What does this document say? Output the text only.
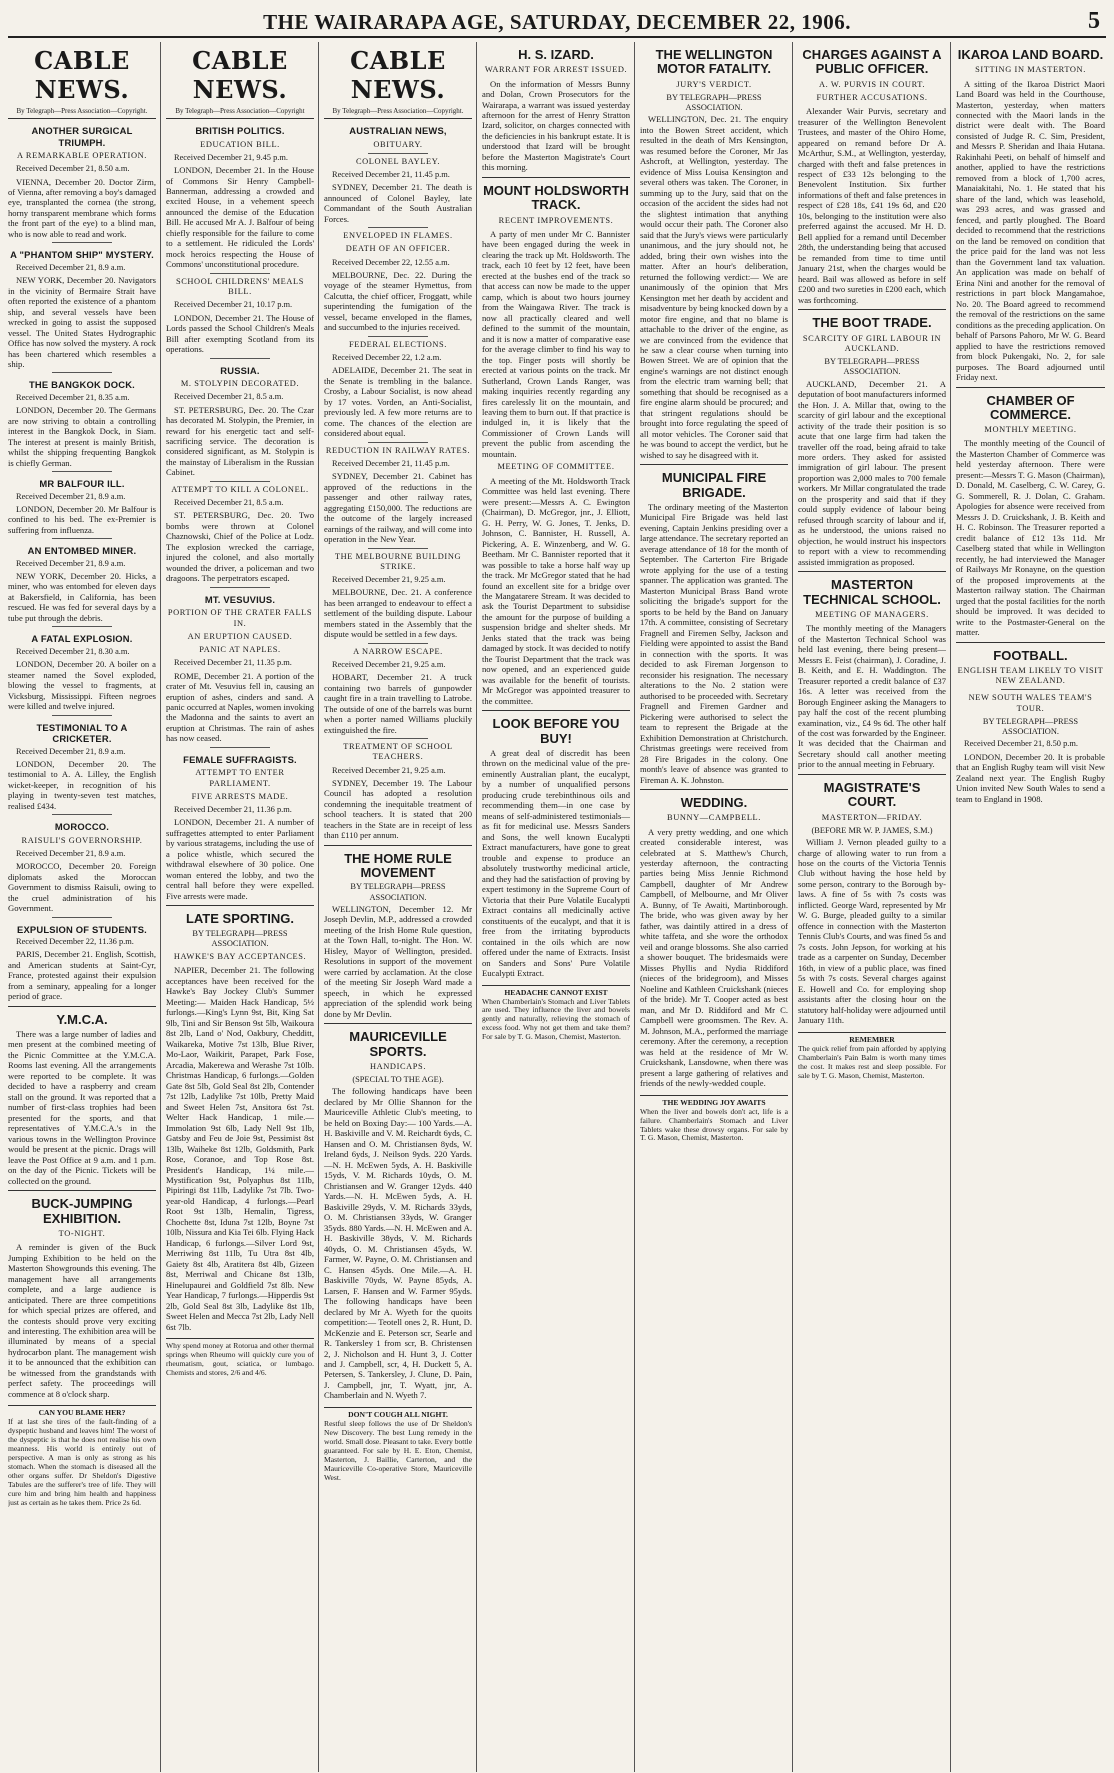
THE WAIRARAPA AGE, SATURDAY, DECEMBER 22, 1906.	5
CABLE NEWS.
By Telegraph—Press Association—Copyright.
ANOTHER SURGICAL TRIUMPH.
A REMARKABLE OPERATION.
Received December 21, 8.50 a.m.
VIENNA, December 20. Doctor Zirm, of Vienna, after removing a boy's damaged eye, transplanted the cornea (the strong, horny transparent membrane which forms the front part of the eye) to a blind man, who is now able to read and work.
A "PHANTOM SHIP" MYSTERY.
Received December 21, 8.9 a.m.
NEW YORK, December 20. Navigators in the vicinity of Bermaire Strait have often reported the existence of a phantom ship, and several vessels have been wrecked in going to assist the supposed vessel. The United States Hydrographic Office has now solved the mystery. A rock has been chartered which resembles a ship.
THE BANGKOK DOCK.
Received December 21, 8.35 a.m.
LONDON, December 20. The Germans are now striving to obtain a controlling interest in the Bangkok Dock, in Siam. The interest at present is mainly British, whilst the shipping frequenting Bangkok is chiefly German.
MR BALFOUR ILL.
Received December 21, 8.9 a.m.
LONDON, December 20. Mr Balfour is confined to his bed. The ex-Premier is suffering from influenza.
AN ENTOMBED MINER.
Received December 21, 8.9 a.m.
NEW YORK, December 20. Hicks, a miner, who was entombed for eleven days at Bakersfield, in California, has been rescued. He was fed for several days by a tube put through the debris.
A FATAL EXPLOSION.
Received December 21, 8.30 a.m.
LONDON, December 20. A boiler on a steamer named the Sovel exploded, blowing the vessel to fragments, at Vicksburg, Mississippi. Fifteen negroes were killed and twelve injured.
TESTIMONIAL TO A CRICKETER.
Received December 21, 8.9 a.m.
LONDON, December 20. The testimonial to A. A. Lilley, the English wicket-keeper, in recognition of his playing in twenty-seven test matches, realised £434.
MOROCCO.
RAISULI'S GOVERNORSHIP.
Received December 21, 8.9 a.m.
MOROCCO, December 20. Foreign diplomats asked the Moroccan Government to dismiss Raisuli, owing to the cruel administration of his Government.
EXPULSION OF STUDENTS.
Received December 22, 11.36 p.m.
PARIS, December 21. English, Scottish, and American students at Saint-Cyr, France, protested against their expulsion from a seminary, appealing for a longer period of grace.
Y.M.C.A.
There was a large number of ladies and men present at the combined meeting of the Picnic Committee at the Y.M.C.A. Rooms last evening. All the arrangements were reported to be complete. It was decided to have a raspberry and cream stall on the ground. It was reported that a number of first-class trophies had been presented for the sports, and that representatives of Y.M.C.A.'s in the various towns in the Wellington Province would be present at the picnic. Drags will leave the Post Office at 9 a.m. and 1 p.m. on the day of the Picnic. Tickets will be collected on the ground.
BUCK-JUMPING EXHIBITION.
TO-NIGHT.
A reminder is given of the Buck Jumping Exhibition to be held on the Masterton Showgrounds this evening. The management have all arrangements complete, and a large audience is anticipated. There are three competitions for which special prizes are offered, and the contests should prove very exciting and interesting. The exhibition area will be illuminated by means of a special hydrocarbon plant. The management wish it to be announced that the exhibition can be witnessed from the grandstands with perfect safety. The proceedings will commence at 8 o'clock sharp.
CAN YOU BLAME HER?
If at last she tires of the fault-finding of a dyspeptic husband and leaves him! The worst of the dyspeptic is that he does not realise his own meanness. His world is entirely out of perspective. A man is only as strong as his stomach. When the stomach is diseased all the other organs suffer. Dr Sheldon's Digestive Tabules are the sufferer's tree of life. They will cure him and bring him health and happiness just as certain as he takes them. Price 2s 6d.
CABLE NEWS.
By Telegraph—Press Association—Copyright
BRITISH POLITICS.
EDUCATION BILL.
Received December 21, 9.45 p.m.
LONDON, December 21. In the House of Commons Sir Henry Campbell-Bannerman, addressing a crowded and excited House, in a vehement speech announced the demise of the Education Bill. He accused Mr A. J. Balfour of being chiefly responsible for the failure to come to a settlement. He ridiculed the Lords' mock heroics respecting the House of Commons' unconstitutional procedure.
SCHOOL CHILDRENS' MEALS BILL.
Received December 21, 10.17 p.m.
LONDON, December 21. The House of Lords passed the School Children's Meals Bill after exempting Scotland from its operations.
RUSSIA.
M. STOLYPIN DECORATED.
Received December 21, 8.5 a.m.
ST. PETERSBURG, Dec. 20. The Czar has decorated M. Stolypin, the Premier, in reward for his energetic tact and self-sacrificing service. The decoration is considered significant, as M. Stolypin is the mainstay of Liberalism in the Russian Cabinet.
ATTEMPT TO KILL A COLONEL.
Received December 21, 8.5 a.m.
ST. PETERSBURG, Dec. 20. Two bombs were thrown at Colonel Chaznowski, Chief of the Police at Lodz. The explosion wrecked the carriage, injured the colonel, and also mortally wounded the driver, a policeman and two dragoons. The perpetrators escaped.
MT. VESUVIUS.
PORTION OF THE CRATER FALLS IN.
AN ERUPTION CAUSED.
PANIC AT NAPLES.
Received December 21, 11.35 p.m.
ROME, December 21. A portion of the crater of Mt. Vesuvius fell in, causing an eruption of ashes, cinders and sand. A panic occurred at Naples, women invoking the Madonna and the saints to avert an eruption at Christmas. The rain of ashes has now ceased.
FEMALE SUFFRAGISTS.
ATTEMPT TO ENTER PARLIAMENT.
FIVE ARRESTS MADE.
Received December 21, 11.36 p.m.
LONDON, December 21. A number of suffragettes attempted to enter Parliament by various stratagems, including the use of a police whistle, which secured the withdrawal elsewhere of 30 police. One woman entered the lobby, and two the central hall before they were expelled. Five arrests were made.
LATE SPORTING.
BY TELEGRAPH—PRESS ASSOCIATION.
HAWKE'S BAY ACCEPTANCES.
NAPIER, December 21. The following acceptances have been received for the Hawke's Bay Jockey Club's Summer Meeting:— Maiden Hack Handicap, 5½ furlongs.—King's Lynn 9st, Bit, King Sat 9lb, Tini and Sir Benson 9st 5lb, Waikoura 8st 2lb, Land o' Nod, Oakbury, Chedditt, Waikareka, Motive 7st 13lb, Blue River, Mo-Laor, Waikirit, Parapet, Park Fose, Arcadia, Makerewa and Werashe 7st 10lb. Christmas Handicap, 6 furlongs.—Golden Gate 8st 5lb, Gold Seal 8st 2lb, Contender 7st 12lb, Ladylike 7st 10lb, Pretty Maid and Sweet Helen 7st, Ansitora 6st 7st. Welter Hack Handicap, 1 mile.— Immolation 9st 6lb, Lady Nell 9st 1lb, Gatsby and Feu de Joie 9st, Pessimist 8st 13lb, Waiheke 8st 12lb, Goldsmith, Park Rose, Coranoe, and Top Rose 8st. President's Handicap, 1¼ mile.— Mystification 9st, Polyaphus 8st 11lb, Pipiringi 8st 11lb, Ladylike 7st 7lb. Two-year-old Handicap, 4 furlongs.—Pearl Root 9st 13lb, Hemalin, Tigress, Chochette 8st, Iduna 7st 12lb, Boyne 7st 10lb, Nissura and Kia Tei 6lb. Flying Hack Handicap, 6 furlongs.—Silver Lord 9st, Merriwing 8st 11lb, Tu Utra 8st 4lb, Gaiety 8st 4lb, Aratitera 8st 4lb, Gizeen 8st, Merriwal and Chicane 8st 13lb, Hinelupaurei and Goldfield 7st 8lb. New Year Handicap, 7 furlongs.—Hipperdis 9st 2lb, Gold Seal 8st 3lb, Ladylike 8st 1lb, Sweet Helen and Mecca 7st 2lb, Lady Nell 6st 7lb.
Why spend money at Rotorua and other thermal springs when Rheumo will quickly cure you of rheumatism, gout, sciatica, or lumbago. Chemists and stores, 2/6 and 4/6.
CABLE NEWS.
By Telegraph—Press Association—Copyright.
AUSTRALIAN NEWS,
OBITUARY.
COLONEL BAYLEY.
Received December 21, 11.45 p.m.
SYDNEY, December 21. The death is announced of Colonel Bayley, late Commandant of the South Australian Forces.
ENVELOPED IN FLAMES.
DEATH OF AN OFFICER.
Received December 22, 12.55 a.m.
MELBOURNE, Dec. 22. During the voyage of the steamer Hymettus, from Calcutta, the chief officer, Froggatt, while superintending the fumigation of the vessel, became enveloped in the flames, and succumbed to the injuries received.
FEDERAL ELECTIONS.
Received December 22, 1.2 a.m.
ADELAIDE, December 21. The seat in the Senate is trembling in the balance. Crosby, a Labour Socialist, is now ahead by 17 votes. Vorden, an Anti-Socialist, previously led. A few more returns are to come. The chances of the election are considered about equal.
REDUCTION IN RAILWAY RATES.
Received December 21, 11.45 p.m.
SYDNEY, December 21. Cabinet has approved of the reductions in the passenger and other railway rates, aggregating £150,000. The reductions are the outcome of the largely increased earnings of the railway, and will come into operation in the New Year.
THE MELBOURNE BUILDING STRIKE.
Received December 21, 9.25 a.m.
MELBOURNE, Dec. 21. A conference has been arranged to endeavour to effect a settlement of the building dispute. Labour members stated in the Assembly that the dispute would be settled in a few days.
A NARROW ESCAPE.
Received December 21, 9.25 a.m.
HOBART, December 21. A truck containing two barrels of gunpowder caught fire in a train travelling to Latrobe. The outside of one of the barrels was burnt when a porter named Williams pluckily extinguished the fire.
TREATMENT OF SCHOOL TEACHERS.
Received December 21, 9.25 a.m.
SYDNEY, December 19. The Labour Council has adopted a resolution condemning the inequitable treatment of school teachers. It is stated that 200 teachers in the State are in receipt of less than £110 per annum.
THE HOME RULE MOVEMENT
BY TELEGRAPH—PRESS ASSOCIATION.
WELLINGTON, December 12. Mr Joseph Devlin, M.P., addressed a crowded meeting of the Irish Home Rule question, at the Town Hall, to-night. The Hon. W. Hisley, Mayor of Wellington, presided. Resolutions in support of the movement were carried by acclamation. At the close of the meeting Sir Joseph Ward made a speech, in which he expressed appreciation of the splendid work being done by Mr Devlin.
MAURICEVILLE SPORTS.
HANDICAPS.
(SPECIAL TO THE AGE).
The following handicaps have been declared by Mr Ollie Shannon for the Mauriceville Athletic Club's meeting, to be held on Boxing Day:— 100 Yards.—A. H. Baskiville and V. M. Reichardt 6yds, C. Hansen and O. M. Christiansen 8yds, W. Ireland 6yds, J. Neilson 9yds. 220 Yards.—N. H. McEwen 5yds, A. H. Baskiville 15yds, V. M. Richards 10yds, O. M. Christiansen and W. Granger 12yds. 440 Yards.—N. H. McEwen 5yds, A. H. Baskiville 29yds, V. M. Richards 33yds, O. M. Christiansen 33yds, W. Granger 35yds. 880 Yards.—N. H. McEwen and A. H. Baskiville 38yds, V. M. Richards 40yds, O. M. Christiansen 45yds, W. Farmer, W. Payne, O. M. Christiansen and C. Hansen 45yds. One Mile.—A. H. Baskiville 70yds, W. Payne 85yds, A. Larsen, F. Hansen and W. Farmer 95yds. The following handicaps have been declared by Mr A. Wyeth for the quoits competition:— Teotell ones 2, R. Hunt, D. McKenzie and E. Peterson scr, Searle and R. Tankersley 1 from scr, B. Christensen 2, J. Nicholson and H. Hunt 3, J. Cotter and J. Campbell, scr, 4, H. Duckett 5, A. Petersen, S. Tankersley, J. Clune, D. Pain, J. Campbell, jnr, T. Wyatt, jnr, A. Chamberlain and N. Wyeth 7.
DON'T COUGH ALL NIGHT.
Restful sleep follows the use of Dr Sheldon's New Discovery. The best Lung remedy in the world. Small dose. Pleasant to take. Every bottle guaranteed. For sale by H. E. Eton, Chemist, Masterton, J. Baillie, Carterton, and the Mauriceville Co-operative Store, Mauriceville West.
H. S. IZARD.
WARRANT FOR ARREST ISSUED.
On the information of Messrs Bunny and Dolan, Crown Prosecutors for the Wairarapa, a warrant was issued yesterday afternoon for the arrest of Henry Stratton Izard, solicitor, on charges connected with the deficiencies in his bankrupt estate. It is understood that Izard will be brought before the Masterton Magistrate's Court this morning.
MOUNT HOLDSWORTH TRACK.
RECENT IMPROVEMENTS.
A party of men under Mr C. Bannister have been engaged during the week in clearing the track up Mt. Holdsworth. The track, each 10 feet by 12 feet, have been erected at the bushes end of the track so that access can now be made to the upper camp, which is about two hours journey from the Waingawa River. The track is now all practically cleared and well defined to the summit of the mountain, and it is now a matter of comparative ease for the average climber to find his way to the top. Finger posts will shortly be erected at various points on the track. Mr Sutherland, Crown Lands Ranger, was making inquiries recently regarding any fires carelessly lit on the mountain, and leaving them to burn out. If that practice is indulged in, it is likely that the Commissioner of Crown Lands will prevent the public from ascending the mountain.
MEETING OF COMMITTEE.
A meeting of the Mt. Holdsworth Track Committee was held last evening. There were present:—Messrs A. C. Ewington (Chairman), D. McGregor, jnr., J. Elliott, G. H. Perry, W. G. Jones, T. Jenks, D. Johnson, C. Bannister, H. Russell, A. Pickering, A. E. Winzenberg, and W. G. Beetham. Mr C. Bannister reported that it was possible to take a horse half way up the track. Mr McGregor stated that he had found an excellent site for a bridge over the Mangatarere Stream. It was decided to ask the Tourist Department to subsidise the amount for the purpose of building a suspension bridge and shelter sheds. Mr Jenks stated that the track was being damaged by stock. It was decided to notify the Tourist Department that the track was now opened, and an experienced guide was available for the benefit of tourists. Mr McGregor was appointed treasurer to the committee.
LOOK BEFORE YOU BUY!
A great deal of discredit has been thrown on the medicinal value of the pre-eminently Australian plant, the eucalypt, by a number of unqualified persons producing crude terebinthinous oils and recommending them—in one case by means of self-administered testimonials—as fit for medicinal use. Messrs Sanders and Sons, the well known Eucalypti Extract manufacturers, have gone to great trouble and expense to produce an absolutely trustworthy medicinal article, and they had the satisfaction of proving by expert testimony in the Supreme Court of Victoria that their Pure Volatile Eucalypti Extract contains all medicinally active constituents of the eucalypt, and that it is free from the irritating byproducts contained in the oils which are now offered under the name of Extracts. Insist on Sanders and Sons' Pure Volatile Eucalypti Extract.
HEADACHE CANNOT EXIST
When Chamberlain's Stomach and Liver Tablets are used. They influence the liver and bowels gently and naturally, relieving the stomach of excess food. Why not get them and take them? For sale by T. G. Mason, Chemist, Masterton.
THE WELLINGTON MOTOR FATALITY.
JURY'S VERDICT.
BY TELEGRAPH—PRESS ASSOCIATION.
WELLINGTON, Dec. 21. The enquiry into the Bowen Street accident, which resulted in the death of Mrs Kensington, was resumed before the Coroner, Mr Jas Ashcroft, at Wellington, yesterday. The evidence of Miss Louisa Kensington and several others was taken. The Coroner, in summing up to the Jury, said that on the occasion of the accident the sides had not the slightest intimation that anything would occur their path. The Coroner also said that the Jury's views were particularly unanimous, and the jury should not, he added, bring their own wishes into the matter. After an hour's deliberation, returned the following verdict:— We are unanimously of the opinion that Mrs Kensington met her death by accident and misadventure by being knocked down by a motor fire engine, and that no blame is attachable to the driver of the engine, as we are convinced from the evidence that he saw a clear course when turning into Bowen Street. We are of opinion that the engine's warnings are not distinct enough from the electric tram warning bell; that something that should be recognised as a fire engine alarm should be procured; and that stringent regulations should be brought into force regulating the speed of all motor vehicles. The Coroner said that he was bound to accept the verdict, but he wished to say he disagreed with it.
MUNICIPAL FIRE BRIGADE.
The ordinary meeting of the Masterton Municipal Fire Brigade was held last evening, Captain Jenkins presiding over a large attendance. The secretary reported an average attendance of 18 for the month of September. The Carterton Fire Brigade wrote applying for the use of a testing spanner. The application was granted. The Masterton Municipal Brass Band wrote soliciting the brigade's support for the sports to be held by the Band on January 17th. A committee, consisting of Secretary Fragnell and Firemen Selby, Jackson and Fielding were appointed to assist the Band in connection with the sports. It was decided to ask Fireman Jorgenson to reconsider his resignation. The necessary alterations to the No. 2 station were authorised to be proceeded with. Secretary Fragnell and Firemen Gardner and Pickering were authorised to select the team to represent the Brigade at the Exhibition Demonstration at Christchurch. Christmas greetings were received from 28 Fire Brigades in the colony. One month's leave of absence was granted to Fireman A. K. Johnston.
WEDDING.
BUNNY—CAMPBELL.
A very pretty wedding, and one which created considerable interest, was celebrated at S. Matthew's Church, yesterday afternoon, the contracting parties being Miss Jennie Richmond Campbell, daughter of Mr Andrew Campbell, of Melbourne, and Mr Oliver A. Bunny, of Te Awaiti, Martinborough. The bride, who was given away by her father, was daintily attired in a dress of white taffeta, and she wore the orthodox veil and orange blossoms. She also carried a shower bouquet. The bridesmaids were Misses Phyllis and Nydia Riddiford (nieces of the bridegroom), and Misses Noeline and Kathleen Cruickshank (nieces of the bride). Mr T. Cooper acted as best man, and Mr D. Riddiford and Mr C. Campbell were groomsmen. The Rev. A. M. Johnson, M.A., performed the marriage ceremony. After the ceremony, a reception was held at the residence of Mr W. Cruickshank, Lansdowne, when there was present a large gathering of relatives and friends of the newly-wedded couple.
THE WEDDING JOY AWAITS
When the liver and bowels don't act, life is a failure. Chamberlain's Stomach and Liver Tablets wake these drowsy organs. For sale by T. G. Mason, Chemist, Masterton.
CHARGES AGAINST A PUBLIC OFFICER.
A. W. PURVIS IN COURT.
FURTHER ACCUSATIONS.
Alexander Wair Purvis, secretary and treasurer of the Wellington Benevolent Trustees, and master of the Ohiro Home, appeared on remand before Dr A. McArthur, S.M., at Wellington, yesterday, charged with theft and false pretences in respect of £33 12s belonging to the Benevolent Institution. Six further informations of theft and false pretences in respect of £28 18s, £41 19s 6d, and £20 10s, belonging to the institution were also preferred against the accused. Mr H. D. Bell applied for a remand until December 28th, the understanding being that accused be remanded from time to time until January 21st, when the charges would be heard. Bail was allowed as before in self £200 and two sureties in £200 each, which was forthcoming.
THE BOOT TRADE.
SCARCITY OF GIRL LABOUR IN AUCKLAND.
BY TELEGRAPH—PRESS ASSOCIATION.
AUCKLAND, December 21. A deputation of boot manufacturers informed the Hon. J. A. Millar that, owing to the scarcity of girl labour and the exceptional activity of the trade their position is so acute that one large firm had taken the traveller off the road, being afraid to take more orders. They asked for assisted immigration of girl labour. The present proportion was 2,000 males to 700 female workers. Mr Millar congratulated the trade on the prosperity and said that if they could supply evidence of labour being refused through scarcity of labour and if, as he understood, the unions raised no objection, he would instruct his inspectors to report with a view to recommending assisted immigration as proposed.
MASTERTON TECHNICAL SCHOOL.
MEETING OF MANAGERS.
The monthly meeting of the Managers of the Masterton Technical School was held last evening, there being present—Messrs E. Feist (chairman), J. Coradine, J. B. Keith, and E. H. Waddington. The Treasurer reported a credit balance of £37 16s. A letter was received from the Borough Engineer asking the Managers to pay half the cost of the recent plumbing examination, viz., £4 9s 6d. The other half of the cost was forwarded by the Engineer. It was decided that the Chairman and Secretary should call another meeting prior to the annual meeting in February.
MAGISTRATE'S COURT.
MASTERTON—FRIDAY.
(BEFORE MR W. P. JAMES, S.M.)
William J. Vernon pleaded guilty to a charge of allowing water to run from a hose on the courts of the Victoria Tennis Club without having the hose held by some person, contrary to the Borough by-laws. A fine of 5s with 7s costs was inflicted. George Ward, represented by Mr W. G. Burge, pleaded guilty to a similar offence in connection with the Masterton Tennis Club's Courts, and was fined 5s and 7s costs. John Jepson, for working at his trade as a carpenter on Sunday, December 16th, in view of a public place, was fined 5s with 7s costs. Several charges against E. Howell and Co. for employing shop assistants after the closing hour on the statutory half-holiday were adjourned until January 11th.
REMEMBER
The quick relief from pain afforded by applying Chamberlain's Pain Balm is worth many times the cost. It makes rest and sleep possible. For sale by T. G. Mason, Chemist, Masterton.
IKAROA LAND BOARD.
SITTING IN MASTERTON.
A sitting of the Ikaroa District Maori Land Board was held in the Courthouse, Masterton, yesterday, when matters connected with the Maori lands in the district were dealt with. The Board consisted of Judge R. C. Sim, President, and Messrs P. Sheridan and Ihaia Hutana. Rakinhahi Peeti, on behalf of himself and another, applied to have the restrictions removed from a block of 1,700 acres, Manaiakitahi, No. 1. He stated that his share of the land, which was leasehold, was 293 acres, and was grassed and fenced, and partly ploughed. The Board decided to recommend that the restrictions on the land be removed on condition that the price paid for the land was not less than the Government land tax valuation. An application was made on behalf of Erina Nini and another for the removal of restrictions in part block Mangamahoe, No. 20. The Board agreed to recommend the removal of the restrictions on the same conditions as the preceding application. On behalf of Parsons Pahoro, Mr W. G. Beard applied to have the restrictions removed from block Pukengaki, No. 2, for sale purposes. The Board adjourned until Friday next.
CHAMBER OF COMMERCE.
MONTHLY MEETING.
The monthly meeting of the Council of the Masterton Chamber of Commerce was held yesterday afternoon. There were present:—Messrs T. G. Mason (Chairman), D. Donald, M. Caselberg, C. W. Carey, G. G. Sommerell, R. J. Dolan, C. Graham. Apologies for absence were received from Messrs J. D. Cruickshank, J. B. Keith and H. C. Robinson. The Treasurer reported a credit balance of £12 13s 11d. Mr Caselberg stated that while in Wellington recently, he had interviewed the Manager of Railways Mr Ronayne, on the question of the proposed improvements at the Masterton railway station. The Chairman urged that the postal facilities for the north should be improved. It was decided to write to the Postmaster-General on the matter.
FOOTBALL.
ENGLISH TEAM LIKELY TO VISIT NEW ZEALAND.
NEW SOUTH WALES TEAM'S TOUR.
BY TELEGRAPH—PRESS ASSOCIATION.
Received December 21, 8.50 p.m.
LONDON, December 20. It is probable that an English Rugby team will visit New Zealand next year. The English Rugby Union invited New South Wales to send a team to England in 1908.
